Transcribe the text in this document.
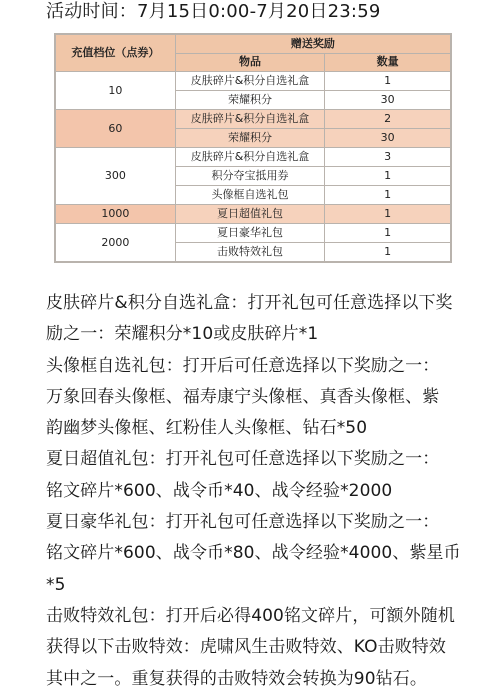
活动时间：7月15日0:00-7月20日23:59
充值档位（点券）	赠送奖励	
	物品	数量
10	皮肤碎片&积分自选礼盒	1
	荣耀积分	30
60	皮肤碎片&积分自选礼盒	2
	荣耀积分	30
300	皮肤碎片&积分自选礼盒	3
	积分夺宝抵用券	1
	头像框自选礼包	1
1000	夏日超值礼包	1
2000	夏日豪华礼包	1
	击败特效礼包	1

皮肤碎片&积分自选礼盒：打开礼包可任意选择以下奖

励之一：荣耀积分*10或皮肤碎片*1

头像框自选礼包：打开后可任意选择以下奖励之一：

万象回春头像框、福寿康宁头像框、真香头像框、紫

韵幽梦头像框、红粉佳人头像框、钻石*50

夏日超值礼包：打开礼包可任意选择以下奖励之一：

铭文碎片*600、战令币*40、战令经验*2000

夏日豪华礼包：打开礼包可任意选择以下奖励之一：

铭文碎片*600、战令币*80、战令经验*4000、紫星币

*5

击败特效礼包：打开后必得400铭文碎片，可额外随机

获得以下击败特效：虎啸风生击败特效、KO击败特效

其中之一。重复获得的击败特效会转换为90钻石。
